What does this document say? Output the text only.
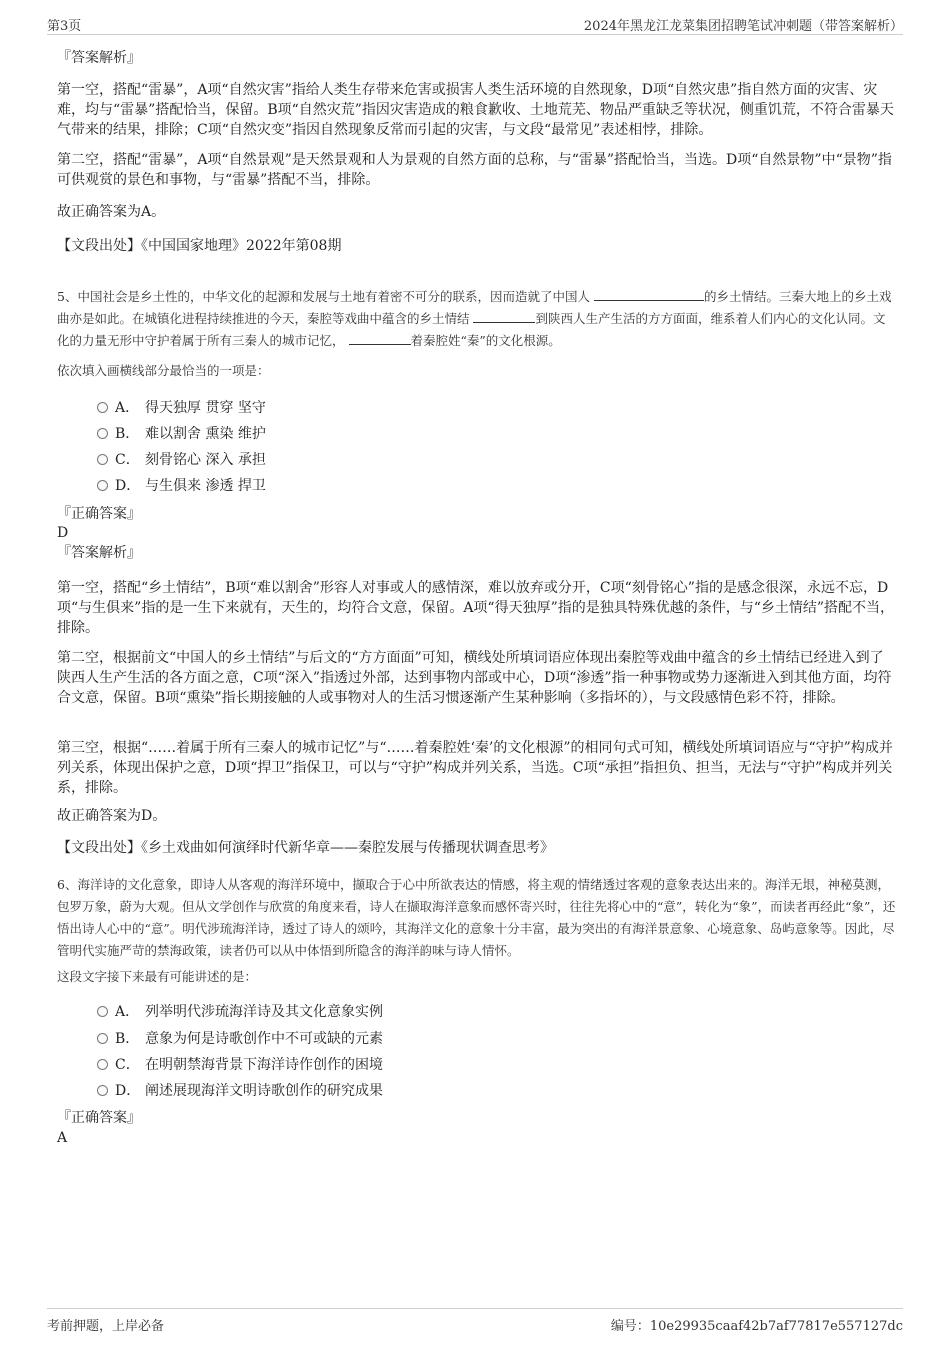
第3页	2024年黑龙江龙菜集团招聘笔试冲刺题（带答案解析）

『答案解析』

第一空，搭配“雷暴”，A项“自然灾害”指给人类生存带来危害或损害人类生活环境的自然现象，D项“自然灾患”指自然方面的灾害、灾难，均与“雷暴”搭配恰当，保留。B项“自然灾荒”指因灾害造成的粮食歉收、土地荒芜、物品严重缺乏等状况，侧重饥荒，不符合雷暴天气带来的结果，排除；C项“自然灾变”指因自然现象反常而引起的灾害，与文段“最常见”表述相悖，排除。

第二空，搭配“雷暴”，A项“自然景观”是天然景观和人为景观的自然方面的总称，与“雷暴”搭配恰当，当选。D项“自然景物”中“景物”指可供观赏的景色和事物，与“雷暴”搭配不当，排除。

故正确答案为A。

【文段出处】《中国国家地理》2022年第08期

5、中国社会是乡土性的，中华文化的起源和发展与土地有着密不可分的联系，因而造就了中国人	的乡土情结。三秦大地上的乡土戏曲亦是如此。在城镇化进程持续推进的今天，秦腔等戏曲中蕴含的乡土情结	到陕西人生产生活的方方面面，维系着人们内心的文化认同。文化的力量无形中守护着属于所有三秦人的城市记忆，	着秦腔姓“秦”的文化根源。

依次填入画横线部分最恰当的一项是：

A． 得天独厚 贯穿 坚守
B． 难以割舍 熏染 维护
C． 刻骨铭心 深入 承担
D． 与生俱来 渗透 捍卫

『正确答案』

D

『答案解析』

第一空，搭配“乡土情结”，B项“难以割舍”形容人对事或人的感情深，难以放弃或分开，C项“刻骨铭心”指的是感念很深，永远不忘，D项“与生俱来”指的是一生下来就有，天生的，均符合文意，保留。A项“得天独厚”指的是独具特殊优越的条件，与“乡土情结”搭配不当，排除。

第二空，根据前文“中国人的乡土情结”与后文的“方方面面”可知，横线处所填词语应体现出秦腔等戏曲中蕴含的乡土情结已经进入到了陕西人生产生活的各方面之意，C项“深入”指透过外部，达到事物内部或中心，D项“渗透”指一种事物或势力逐渐进入到其他方面，均符合文意，保留。B项“熏染”指长期接触的人或事物对人的生活习惯逐渐产生某种影响（多指坏的），与文段感情色彩不符，排除。

第三空，根据“……着属于所有三秦人的城市记忆”与“……着秦腔姓‘秦’的文化根源”的相同句式可知，横线处所填词语应与“守护”构成并列关系，体现出保护之意，D项“捍卫”指保卫，可以与“守护”构成并列关系，当选。C项“承担”指担负、担当，无法与“守护”构成并列关系，排除。

故正确答案为D。

【文段出处】《乡土戏曲如何演绎时代新华章——秦腔发展与传播现状调查思考》

6、海洋诗的文化意象，即诗人从客观的海洋环境中，撷取合于心中所欲表达的情感，将主观的情绪透过客观的意象表达出来的。海洋无垠，神秘莫测，包罗万象，蔚为大观。但从文学创作与欣赏的角度来看，诗人在撷取海洋意象而感怀寄兴时，往往先将心中的“意”，转化为“象”，而读者再经此“象”，还悟出诗人心中的“意”。明代涉琉海洋诗，透过了诗人的颂吟，其海洋文化的意象十分丰富，最为突出的有海洋景意象、心境意象、岛屿意象等。因此，尽管明代实施严苛的禁海政策，读者仍可以从中体悟到所隐含的海洋韵味与诗人情怀。

这段文字接下来最有可能讲述的是：

A． 列举明代涉琉海洋诗及其文化意象实例
B． 意象为何是诗歌创作中不可或缺的元素
C． 在明朝禁海背景下海洋诗作创作的困境
D． 阐述展现海洋文明诗歌创作的研究成果

『正确答案』

A

考前押题，上岸必备	编号：10e29935caaf42b7af77817e557127dc
